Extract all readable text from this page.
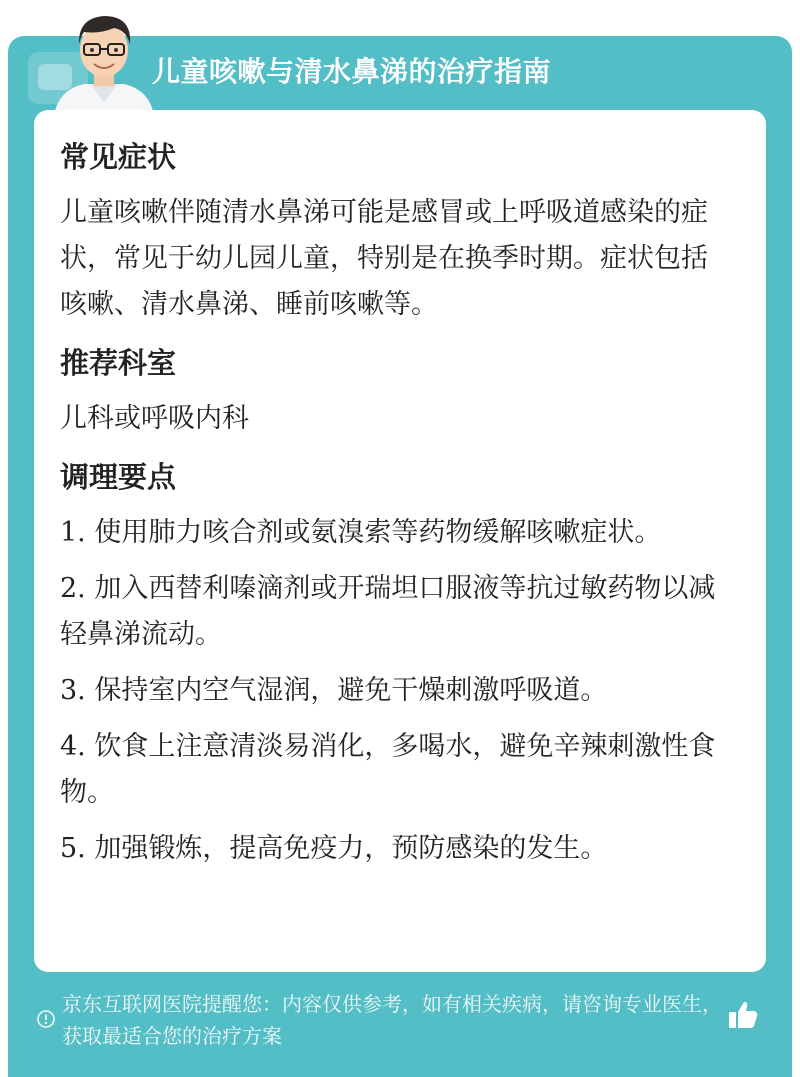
儿童咳嗽与清水鼻涕的治疗指南
常见症状

儿童咳嗽伴随清水鼻涕可能是感冒或上呼吸道感染的症状，常见于幼儿园儿童，特别是在换季时期。症状包括咳嗽、清水鼻涕、睡前咳嗽等。

推荐科室

儿科或呼吸内科

调理要点

1. 使用肺力咳合剂或氨溴索等药物缓解咳嗽症状。

2. 加入西替利嗪滴剂或开瑞坦口服液等抗过敏药物以减轻鼻涕流动。

3. 保持室内空气湿润，避免干燥刺激呼吸道。

4. 饮食上注意清淡易消化，多喝水，避免辛辣刺激性食物。

5. 加强锻炼，提高免疫力，预防感染的发生。

京东互联网医院提醒您：内容仅供参考，如有相关疾病，请咨询专业医生，获取最适合您的治疗方案
